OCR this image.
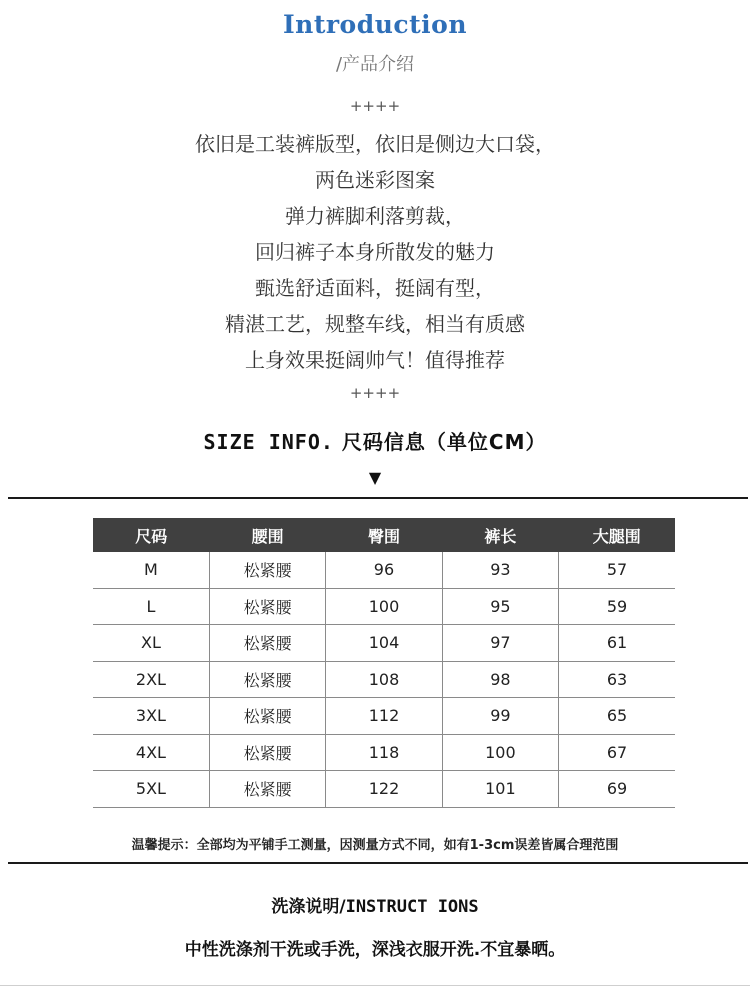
Introduction
/产品介绍
++++
依旧是工装裤版型，依旧是侧边大口袋，
两色迷彩图案
弹力裤脚利落剪裁，
回归裤子本身所散发的魅力
甄选舒适面料，挺阔有型，
精湛工艺，规整车线，相当有质感
上身效果挺阔帅气！值得推荐
++++
SIZE INFO. 尺码信息（单位CM）
▼
尺码	腰围	臀围	裤长	大腿围
M	松紧腰	96	93	57
L	松紧腰	100	95	59
XL	松紧腰	104	97	61
2XL	松紧腰	108	98	63
3XL	松紧腰	112	99	65
4XL	松紧腰	118	100	67
5XL	松紧腰	122	101	69
温馨提示：全部均为平铺手工测量，因测量方式不同，如有1-3cm误差皆属合理范围
洗涤说明/INSTRUCT IONS
中性洗涤剂干洗或手洗，深浅衣服开洗.不宜暴晒。
